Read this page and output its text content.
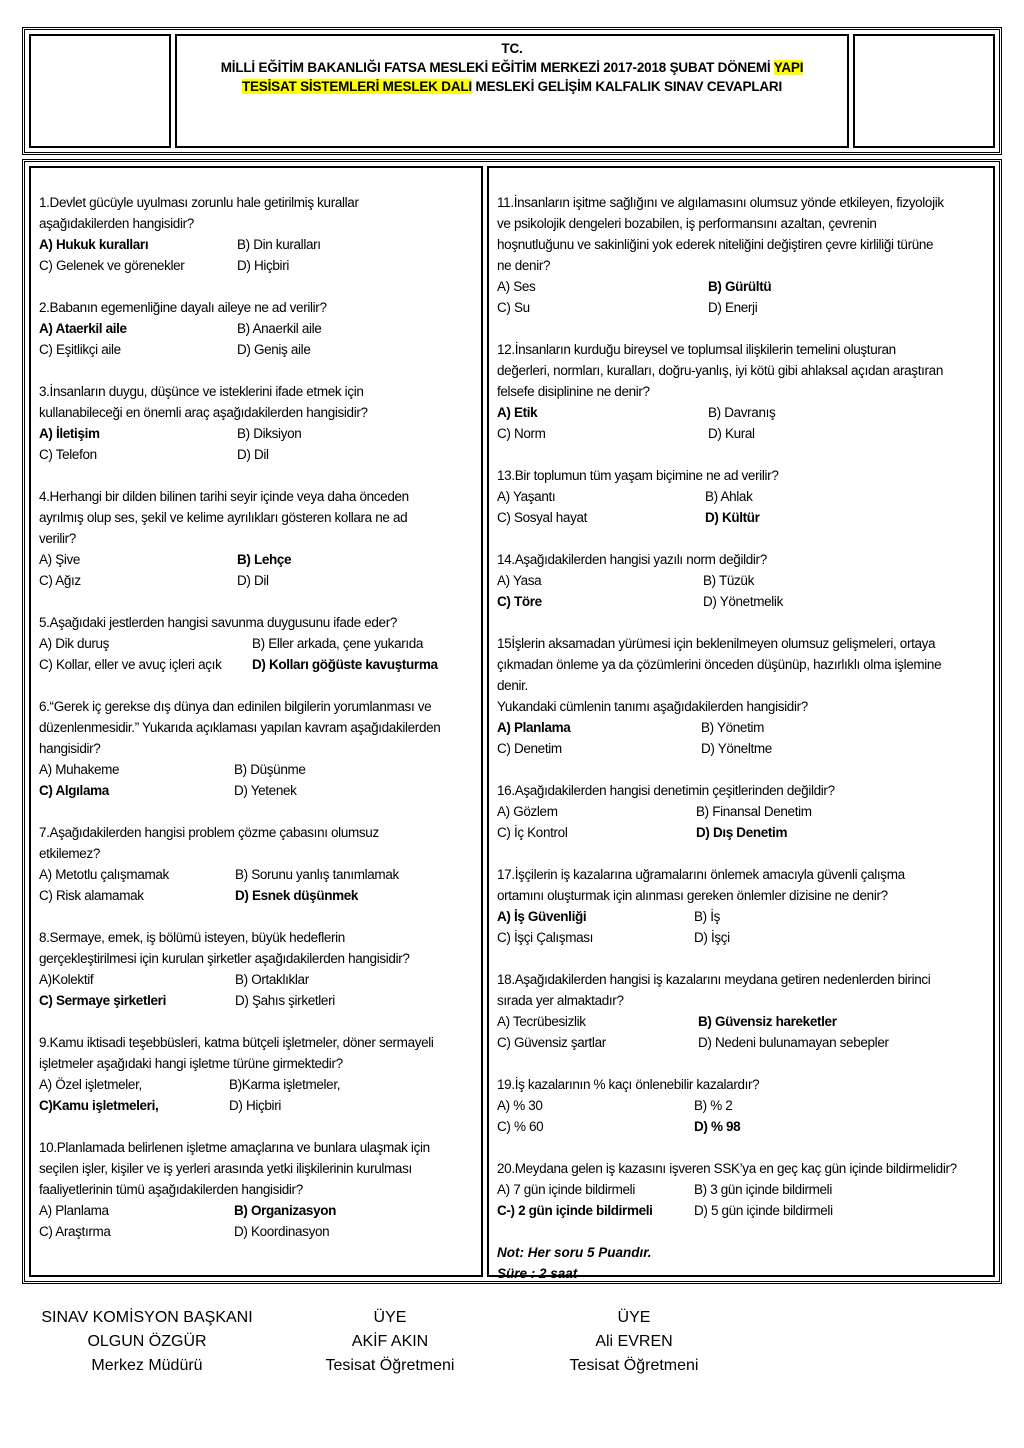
TC.
MİLLİ EĞİTİM BAKANLIĞI FATSA MESLEKİ EĞİTİM MERKEZİ 2017-2018 ŞUBAT DÖNEMİ YAPI
TESİSAT SİSTEMLERİ MESLEK DALI MESLEKİ GELİŞİM KALFALIK SINAV CEVAPLARI
1.Devlet gücüyle uyulması zorunlu hale getirilmiş kurallar
aşağıdakilerden hangisidir?
A) Hukuk kuralları	B) Din kuralları
C) Gelenek ve görenekler	D) Hiçbiri
2.Babanın egemenliğine dayalı aileye ne ad verilir?
A) Ataerkil aile	B) Anaerkil aile
C) Eşitlikçi aile	D) Geniş aile
3.İnsanların duygu, düşünce ve isteklerini ifade etmek için
kullanabileceği en önemli araç aşağıdakilerden hangisidir?
A) İletişim	B) Diksiyon
C) Telefon	D) Dil
4.Herhangi bir dilden bilinen tarihi seyir içinde veya daha önceden
ayrılmış olup ses, şekil ve kelime ayrılıkları gösteren kollara ne ad
verilir?
A) Şive	B) Lehçe
C) Ağız	D) Dil
5.Aşağıdaki jestlerden hangisi savunma duygusunu ifade eder?
A) Dik duruş	B) Eller arkada, çene yukarıda
C) Kollar, eller ve avuç içleri açık D) Kolları göğüste kavuşturma
6.“Gerek iç gerekse dış dünya dan edinilen bilgilerin yorumlanması ve
düzenlenmesidir.” Yukarıda açıklaması yapılan kavram aşağıdakilerden
hangisidir?
A) Muhakeme	B) Düşünme
C) Algılama	D) Yetenek
7.Aşağıdakilerden hangisi problem çözme çabasını olumsuz
etkilemez?
A) Metotlu çalışmamak	B) Sorunu yanlış tanımlamak
C) Risk alamamak	D) Esnek düşünmek
8.Sermaye, emek, iş bölümü isteyen, büyük hedeflerin
gerçekleştirilmesi için kurulan şirketler aşağıdakilerden hangisidir?
A)Kolektif	B) Ortaklıklar
C) Sermaye şirketleri	D) Şahıs şirketleri
9.Kamu iktisadi teşebbüsleri, katma bütçeli işletmeler, döner sermayeli
işletmeler aşağıdaki hangi işletme türüne girmektedir?
A) Özel işletmeler,	B)Karma işletmeler,
C)Kamu işletmeleri,	D) Hiçbiri
10.Planlamada belirlenen işletme amaçlarına ve bunlara ulaşmak için
seçilen işler, kişiler ve iş yerleri arasında yetki ilişkilerinin kurulması
faaliyetlerinin tümü aşağıdakilerden hangisidir?
A) Planlama	B) Organizasyon
C) Araştırma	D) Koordinasyon
11.İnsanların işitme sağlığını ve algılamasını olumsuz yönde etkileyen, fizyolojik
ve psikolojik dengeleri bozabilen, iş performansını azaltan, çevrenin
hoşnutluğunu ve sakinliğini yok ederek niteliğini değiştiren çevre kirliliği türüne
ne denir?
A) Ses	B) Gürültü
C) Su	D) Enerji
12.İnsanların kurduğu bireysel ve toplumsal ilişkilerin temelini oluşturan
değerleri, normları, kuralları, doğru-yanlış, iyi kötü gibi ahlaksal açıdan araştıran
felsefe disiplinine ne denir?
A) Etik	B) Davranış
C) Norm	D) Kural
13.Bir toplumun tüm yaşam biçimine ne ad verilir?
A) Yaşantı	B) Ahlak
C) Sosyal hayat	D) Kültür
14.Aşağıdakilerden hangisi yazılı norm değildir?
A) Yasa	B) Tüzük
C) Töre	D) Yönetmelik
15İşlerin aksamadan yürümesi için beklenilmeyen olumsuz gelişmeleri, ortaya
çıkmadan önleme ya da çözümlerini önceden düşünüp, hazırlıklı olma işlemine
denir.
Yukandaki cümlenin tanımı aşağıdakilerden hangisidir?
A) Planlama	B) Yönetim
C) Denetim	D) Yöneltme
16.Aşağıdakilerden hangisi denetimin çeşitlerinden değildir?
A) Gözlem	B) Finansal Denetim
C) İç Kontrol	D) Dış Denetim
17.İşçilerin iş kazalarına uğramalarını önlemek amacıyla güvenli çalışma
ortamını oluşturmak için alınması gereken önlemler dizisine ne denir?
A) İş Güvenliği	B) İş
C) İşçi Çalışması	D) İşçi
18.Aşağıdakilerden hangisi iş kazalarını meydana getiren nedenlerden birinci
sırada yer almaktadır?
A) Tecrübesizlik	B) Güvensiz hareketler
C) Güvensiz şartlar	D) Nedeni bulunamayan sebepler
19.İş kazalarının % kaçı önlenebilir kazalardır?
A) % 30	B) % 2
C) % 60	D) % 98
20.Meydana gelen iş kazasını işveren SSK’ya en geç kaç gün içinde bildirmelidir?
A) 7 gün içinde bildirmeli	B) 3 gün içinde bildirmeli
C-) 2 gün içinde bildirmeli	D) 5 gün içinde bildirmeli
Not: Her soru 5 Puandır.
Süre : 2 saat
SINAV KOMİSYON BAŞKANI
OLGUN ÖZGÜR
Merkez Müdürü
ÜYE
AKİF AKIN
Tesisat Öğretmeni
ÜYE
Ali EVREN
Tesisat Öğretmeni
